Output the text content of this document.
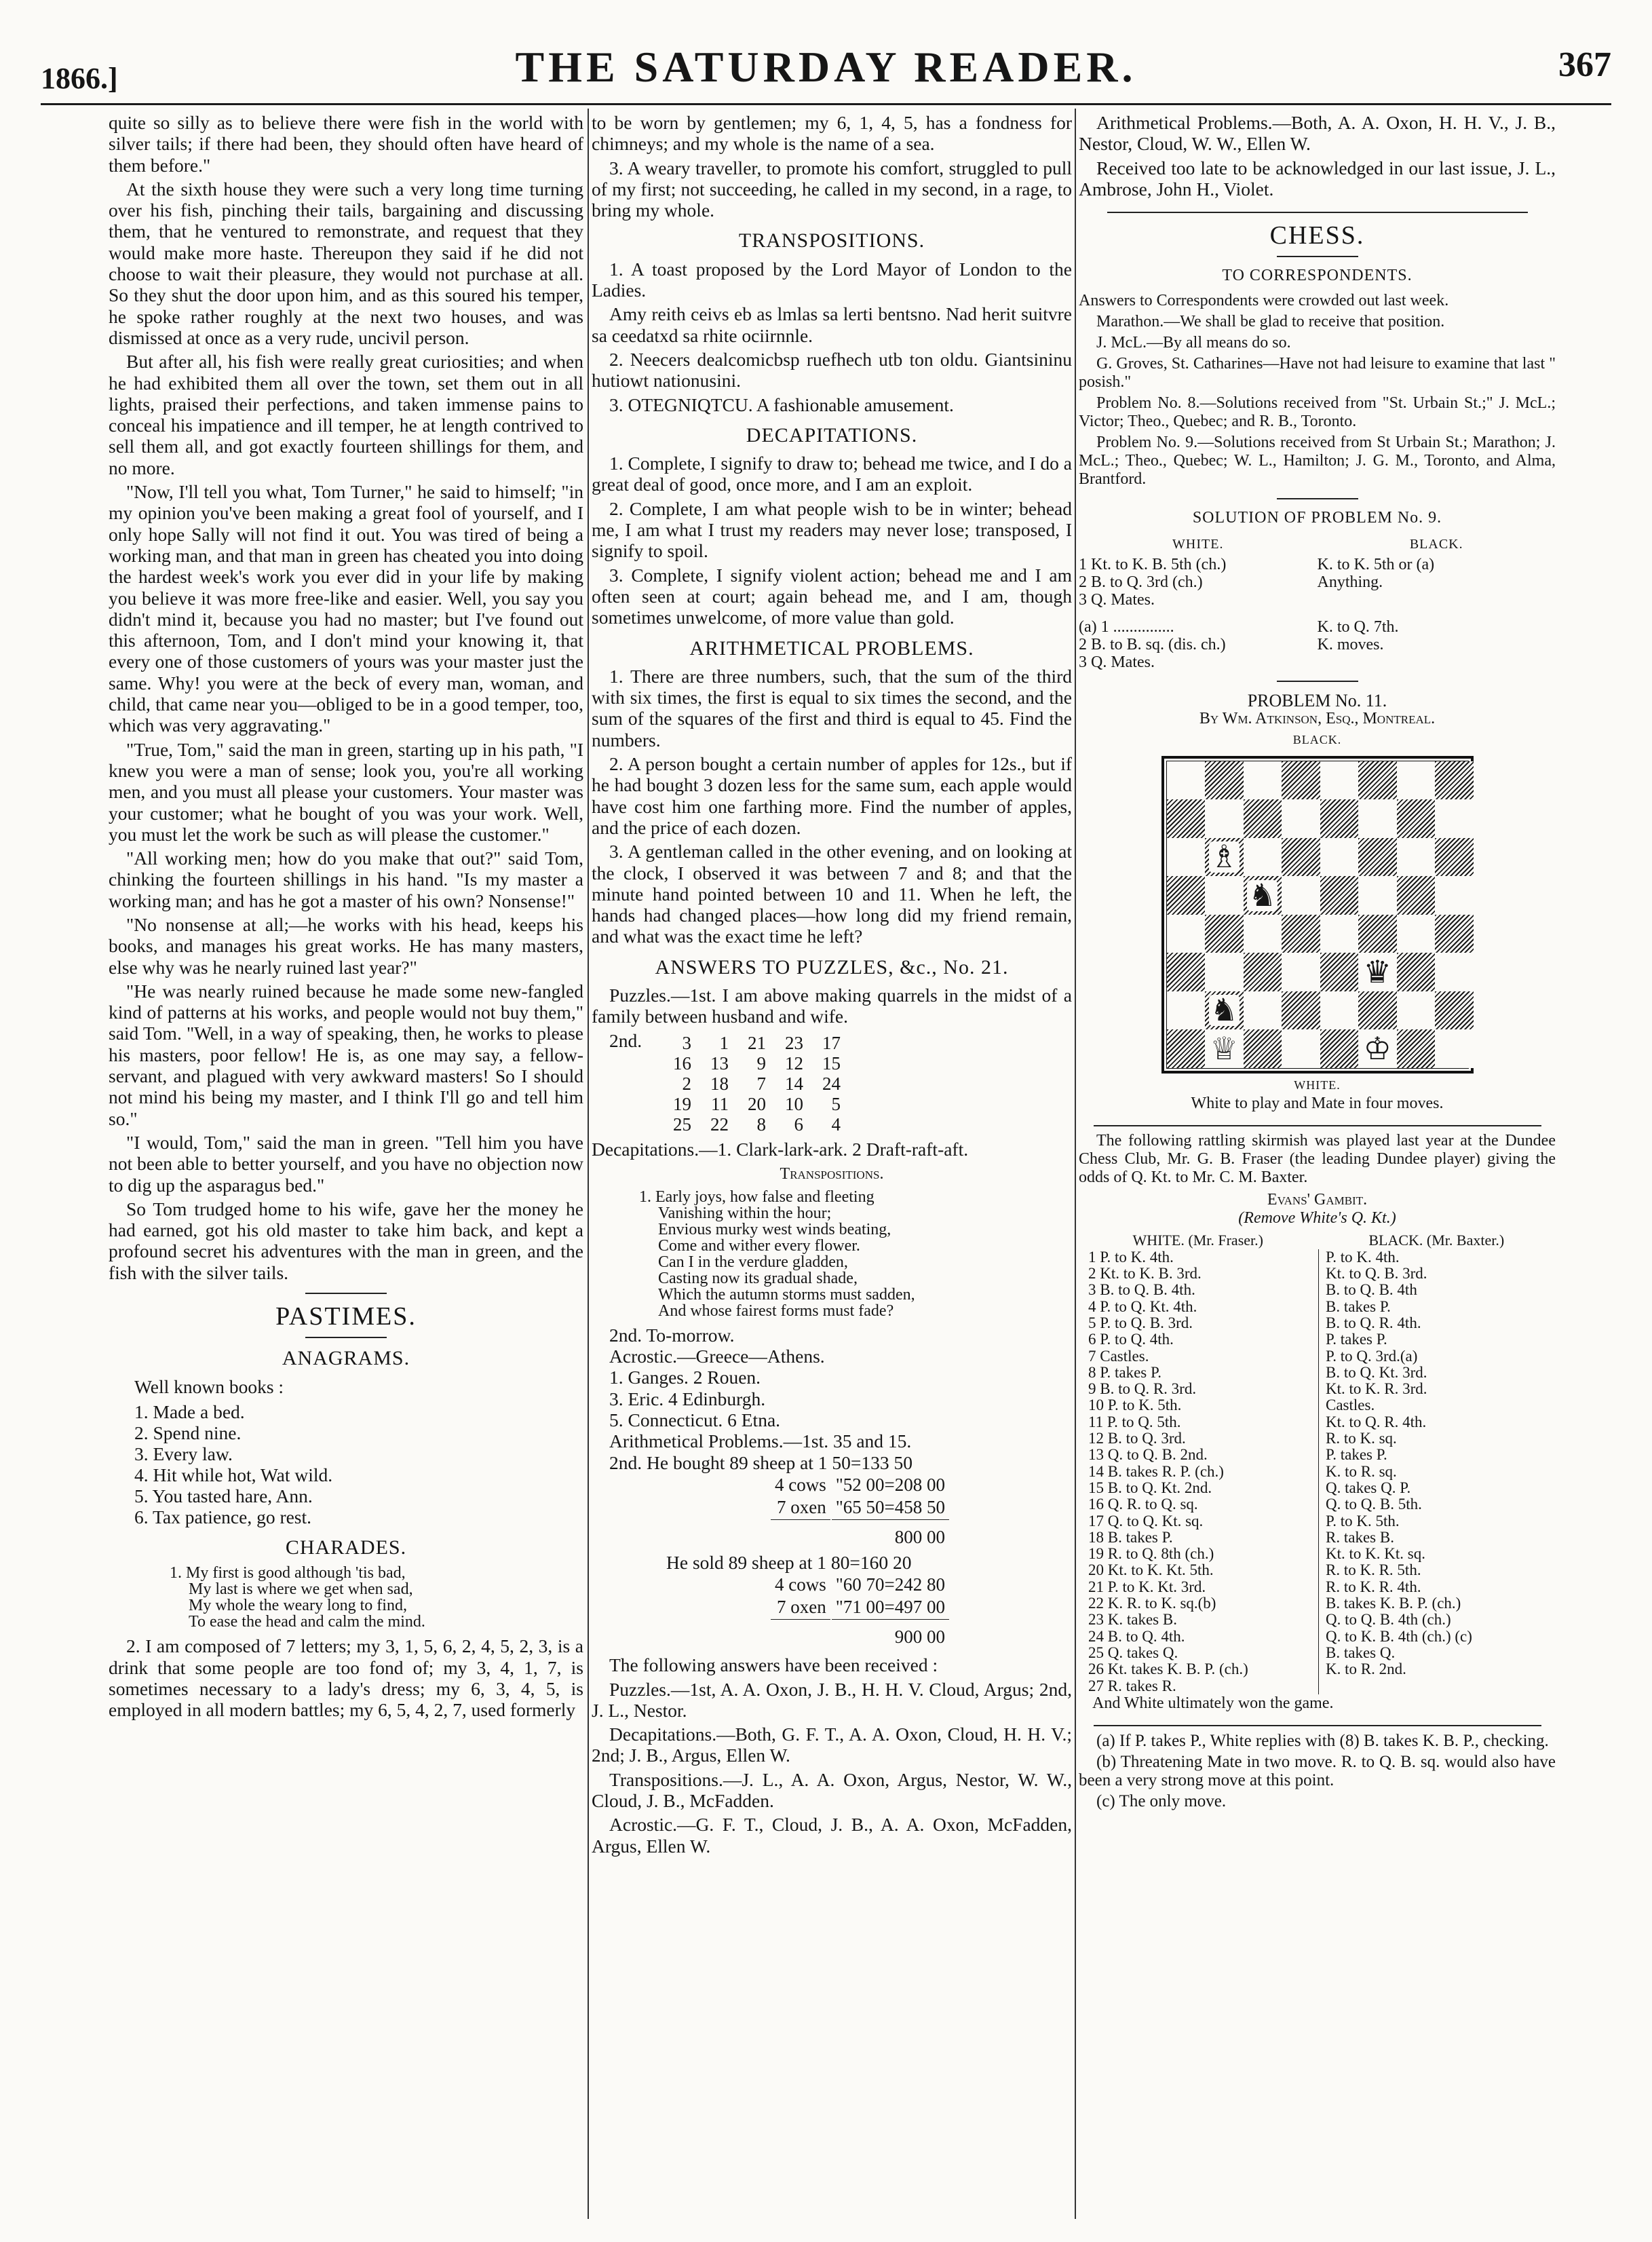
1866.]	THE SATURDAY READER.	367

quite so silly as to believe there were fish in the world with silver tails; if there had been, they should often have heard of them before."

At the sixth house they were such a very long time turning over his fish, pinching their tails, bargaining and discussing them, that he ventured to remonstrate, and request that they would make more haste. Thereupon they said if he did not choose to wait their pleasure, they would not purchase at all. So they shut the door upon him, and as this soured his temper, he spoke rather roughly at the next two houses, and was dismissed at once as a very rude, uncivil person.

But after all, his fish were really great curiosities; and when he had exhibited them all over the town, set them out in all lights, praised their perfections, and taken immense pains to conceal his impatience and ill temper, he at length contrived to sell them all, and got exactly fourteen shillings for them, and no more.

"Now, I'll tell you what, Tom Turner," he said to himself; "in my opinion you've been making a great fool of yourself, and I only hope Sally will not find it out. You was tired of being a working man, and that man in green has cheated you into doing the hardest week's work you ever did in your life by making you believe it was more free-like and easier. Well, you say you didn't mind it, because you had no master; but I've found out this afternoon, Tom, and I don't mind your knowing it, that every one of those customers of yours was your master just the same. Why! you were at the beck of every man, woman, and child, that came near you—obliged to be in a good temper, too, which was very aggravating."

"True, Tom," said the man in green, starting up in his path, "I knew you were a man of sense; look you, you're all working men, and you must all please your customers. Your master was your customer; what he bought of you was your work. Well, you must let the work be such as will please the customer."

"All working men; how do you make that out?" said Tom, chinking the fourteen shillings in his hand. "Is my master a working man; and has he got a master of his own? Nonsense!"

"No nonsense at all;—he works with his head, keeps his books, and manages his great works. He has many masters, else why was he nearly ruined last year?"

"He was nearly ruined because he made some new-fangled kind of patterns at his works, and people would not buy them," said Tom. "Well, in a way of speaking, then, he works to please his masters, poor fellow! He is, as one may say, a fellow-servant, and plagued with very awkward masters! So I should not mind his being my master, and I think I'll go and tell him so."

"I would, Tom," said the man in green. "Tell him you have not been able to better yourself, and you have no objection now to dig up the asparagus bed."

So Tom trudged home to his wife, gave her the money he had earned, got his old master to take him back, and kept a profound secret his adventures with the man in green, and the fish with the silver tails.

PASTIMES.
ANAGRAMS.

Well known books :

1. Made a bed.
2. Spend nine.
3. Every law.
4. Hit while hot, Wat wild.
5. You tasted hare, Ann.
6. Tax patience, go rest.
CHARADES.
1. My first is good although 'tis bad,
My last is where we get when sad,
My whole the weary long to find,
To ease the head and calm the mind.

2. I am composed of 7 letters; my 3, 1, 5, 6, 2, 4, 5, 2, 3, is a drink that some people are too fond of; my 3, 4, 1, 7, is sometimes necessary to a lady's dress; my 6, 3, 4, 5, is employed in all modern battles; my 6, 5, 4, 2, 7, used formerly

to be worn by gentlemen; my 6, 1, 4, 5, has a fondness for chimneys; and my whole is the name of a sea.

3. A weary traveller, to promote his comfort, struggled to pull of my first; not succeeding, he called in my second, in a rage, to bring my whole.

TRANSPOSITIONS.

1. A toast proposed by the Lord Mayor of London to the Ladies.

Amy reith ceivs eb as lmlas sa lerti bentsno. Nad herit suitvre sa ceedatxd sa rhite ociirnnle.

2. Neecers dealcomicbsp ruefhech utb ton oldu. Giantsininu hutiowt nationusini.

3. OTEGNIQTCU. A fashionable amusement.

DECAPITATIONS.

1. Complete, I signify to draw to; behead me twice, and I do a great deal of good, once more, and I am an exploit.

2. Complete, I am what people wish to be in winter; behead me, I am what I trust my readers may never lose; transposed, I signify to spoil.

3. Complete, I signify violent action; behead me and I am often seen at court; again behead me, and I am, though sometimes unwelcome, of more value than gold.

ARITHMETICAL PROBLEMS.

1. There are three numbers, such, that the sum of the third with six times, the first is equal to six times the second, and the sum of the squares of the first and third is equal to 45. Find the numbers.

2. A person bought a certain number of apples for 12s., but if he had bought 3 dozen less for the same sum, each apple would have cost him one farthing more. Find the number of apples, and the price of each dozen.

3. A gentleman called in the other evening, and on looking at the clock, I observed it was between 7 and 8; and that the minute hand pointed between 10 and 11. When he left, the hands had changed places—how long did my friend remain, and what was the exact time he left?

ANSWERS TO PUZZLES, &c., No. 21.

Puzzles.—1st. I am above making quarrels in the midst of a family between husband and wife.

2nd.	3	1	21	23	17
16	13	9	12	15
2	18	7	14	24
19	11	20	10	5
25	22	8	6	4

Decapitations.—1. Clark-lark-ark. 2 Draft-raft-aft.

Transpositions.
1. Early joys, how false and fleeting
Vanishing within the hour;
Envious murky west winds beating,
Come and wither every flower.
Can I in the verdure gladden,
Casting now its gradual shade,
Which the autumn storms must sadden,
And whose fairest forms must fade?
2nd. To-morrow.
Acrostic.—Greece—Athens.
1. Ganges. 2 Rouen.
3. Eric. 4 Edinburgh.
5. Connecticut. 6 Etna.
Arithmetical Problems.—1st. 35 and 15.
2nd. He bought 89 sheep at 1 50=133 50
4 cows	"52 00=208 00
7 oxen	"65 50=458 50
	800 00
He sold 89 sheep at 1 80=160 20
4 cows	"60 70=242 80
7 oxen	"71 00=497 00
	900 00

The following answers have been received :

Puzzles.—1st, A. A. Oxon, J. B., H. H. V. Cloud, Argus; 2nd, J. L., Nestor.

Decapitations.—Both, G. F. T., A. A. Oxon, Cloud, H. H. V.; 2nd; J. B., Argus, Ellen W.

Transpositions.—J. L., A. A. Oxon, Argus, Nestor, W. W., Cloud, J. B., McFadden.

Acrostic.—G. F. T., Cloud, J. B., A. A. Oxon, McFadden, Argus, Ellen W.

Arithmetical Problems.—Both, A. A. Oxon, H. H. V., J. B., Nestor, Cloud, W. W., Ellen W.

Received too late to be acknowledged in our last issue, J. L., Ambrose, John H., Violet.

CHESS.
TO CORRESPONDENTS.

Answers to Correspondents were crowded out last week.

Marathon.—We shall be glad to receive that position.

J. McL.—By all means do so.

G. Groves, St. Catharines—Have not had leisure to examine that last " posish."

Problem No. 8.—Solutions received from "St. Urbain St.;" J. McL.; Victor; Theo., Quebec; and R. B., Toronto.

Problem No. 9.—Solutions received from St Urbain St.; Marathon; J. McL.; Theo., Quebec; W. L., Hamilton; J. G. M., Toronto, and Alma, Brantford.

SOLUTION OF PROBLEM No. 9.
WHITE.	BLACK.
1 Kt. to K. B. 5th (ch.)	K. to K. 5th or (a)
2 B. to Q. 3rd (ch.)	Anything.
3 Q. Mates.
(a) 1 ...............	K. to Q. 7th.
2 B. to B. sq. (dis. ch.)	K. moves.
3 Q. Mates.
PROBLEM No. 11.
By Wm. Atkinson, Esq., Montreal.
BLACK.
♗
♞
♛
♞
♕	♔
WHITE.
White to play and Mate in four moves.

The following rattling skirmish was played last year at the Dundee Chess Club, Mr. G. B. Fraser (the leading Dundee player) giving the odds of Q. Kt. to Mr. C. M. Baxter.

Evans' Gambit.
(Remove White's Q. Kt.)
WHITE. (Mr. Fraser.)	BLACK. (Mr. Baxter.)
1 P. to K. 4th.	P. to K. 4th.
2 Kt. to K. B. 3rd.	Kt. to Q. B. 3rd.
3 B. to Q. B. 4th.	B. to Q. B. 4th
4 P. to Q. Kt. 4th.	B. takes P.
5 P. to Q. B. 3rd.	B. to Q. R. 4th.
6 P. to Q. 4th.	P. takes P.
7 Castles.	P. to Q. 3rd.(a)
8 P. takes P.	B. to Q. Kt. 3rd.
9 B. to Q. R. 3rd.	Kt. to K. R. 3rd.
10 P. to K. 5th.	Castles.
11 P. to Q. 5th.	Kt. to Q. R. 4th.
12 B. to Q. 3rd.	R. to K. sq.
13 Q. to Q. B. 2nd.	P. takes P.
14 B. takes R. P. (ch.)	K. to R. sq.
15 B. to Q. Kt. 2nd.	Q. takes Q. P.
16 Q. R. to Q. sq.	Q. to Q. B. 5th.
17 Q. to Q. Kt. sq.	P. to K. 5th.
18 B. takes P.	R. takes B.
19 R. to Q. 8th (ch.)	Kt. to K. Kt. sq.
20 Kt. to K. Kt. 5th.	R. to K. R. 5th.
21 P. to K. Kt. 3rd.	R. to K. R. 4th.
22 K. R. to K. sq.(b)	B. takes K. B. P. (ch.)
23 K. takes B.	Q. to Q. B. 4th (ch.)
24 B. to Q. 4th.	Q. to K. B. 4th (ch.) (c)
25 Q. takes Q.	B. takes Q.
26 Kt. takes K. B. P. (ch.)	K. to R. 2nd.
27 R. takes R.

And White ultimately won the game.

(a) If P. takes P., White replies with (8) B. takes K. B. P., checking.

(b) Threatening Mate in two move. R. to Q. B. sq. would also have been a very strong move at this point.

(c) The only move.
